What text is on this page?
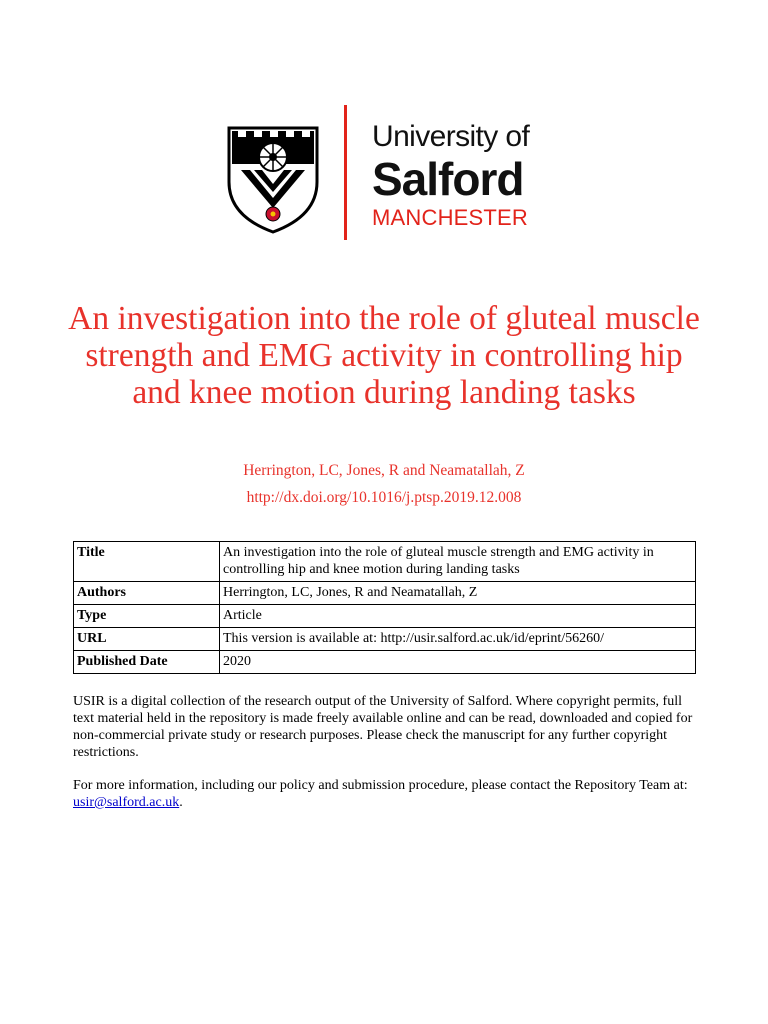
University of
Salford
MANCHESTER
An investigation into the role of gluteal muscle strength and EMG activity in controlling hip and knee motion during landing tasks
Herrington, LC, Jones, R and Neamatallah, Z
http://dx.doi.org/10.1016/j.ptsp.2019.12.008
Title	An investigation into the role of gluteal muscle strength and EMG activity in controlling hip and knee motion during landing tasks
Authors	Herrington, LC, Jones, R and Neamatallah, Z
Type	Article
URL	This version is available at: http://usir.salford.ac.uk/id/eprint/56260/
Published Date	2020
USIR is a digital collection of the research output of the University of Salford. Where copyright permits, full text material held in the repository is made freely available online and can be read, downloaded and copied for non-commercial private study or research purposes. Please check the manuscript for any further copyright restrictions.
For more information, including our policy and submission procedure, please contact the Repository Team at: usir@salford.ac.uk.
